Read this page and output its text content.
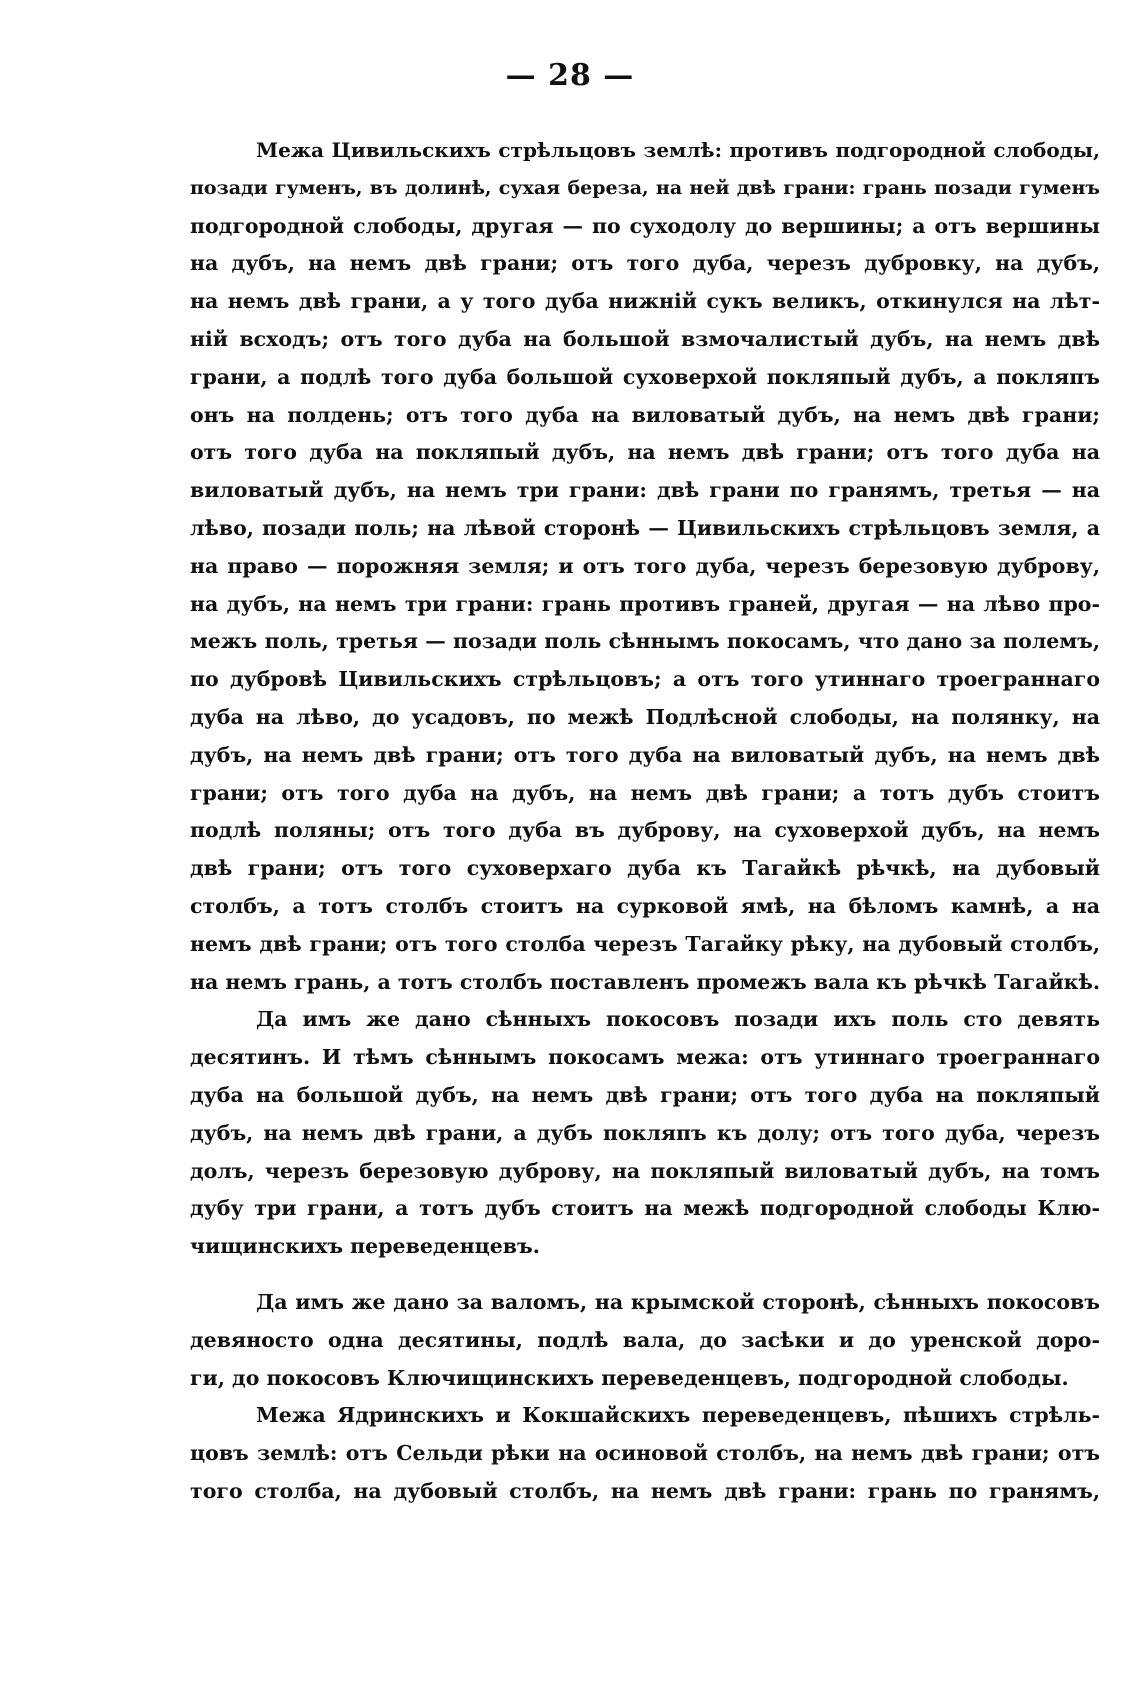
— 28 —
Межа Цивильскихъ стрѣльцовъ землѣ: противъ подгородной слободы,
позади гуменъ, въ долинѣ, сухая береза, на ней двѣ грани: грань позади гуменъ
подгородной слободы, другая — по суходолу до вершины; а отъ вершины
на дубъ, на немъ двѣ грани; отъ того дуба, черезъ дубровку, на дубъ,
на немъ двѣ грани, а у того дуба нижній сукъ великъ, откинулся на лѣт-
ній всходъ; отъ того дуба на большой взмочалистый дубъ, на немъ двѣ
грани, а подлѣ того дуба большой суховерхой покляпый дубъ, а покляпъ
онъ на полдень; отъ того дуба на виловатый дубъ, на немъ двѣ грани;
отъ того дуба на покляпый дубъ, на немъ двѣ грани; отъ того дуба на
виловатый дубъ, на немъ три грани: двѣ грани по гранямъ, третья — на
лѣво, позади поль; на лѣвой сторонѣ — Цивильскихъ стрѣльцовъ земля, а
на право — порожняя земля; и отъ того дуба, черезъ березовую дуброву,
на дубъ, на немъ три грани: грань противъ граней, другая — на лѣво про-
межъ поль, третья — позади поль сѣннымъ покосамъ, что дано за полемъ,
по дубровѣ Цивильскихъ стрѣльцовъ; а отъ того утиннаго троеграннаго
дуба на лѣво, до усадовъ, по межѣ Подлѣсной слободы, на полянку, на
дубъ, на немъ двѣ грани; отъ того дуба на виловатый дубъ, на немъ двѣ
грани; отъ того дуба на дубъ, на немъ двѣ грани; а тотъ дубъ стоитъ
подлѣ поляны; отъ того дуба въ дуброву, на суховерхой дубъ, на немъ
двѣ грани; отъ того суховерхаго дуба къ Тагайкѣ рѣчкѣ, на дубовый
столбъ, а тотъ столбъ стоитъ на сурковой ямѣ, на бѣломъ камнѣ, а на
немъ двѣ грани; отъ того столба черезъ Тагайку рѣку, на дубовый столбъ,
на немъ грань, а тотъ столбъ поставленъ промежъ вала къ рѣчкѣ Тагайкѣ.
Да имъ же дано сѣнныхъ покосовъ позади ихъ поль сто девять
десятинъ. И тѣмъ сѣннымъ покосамъ межа: отъ утиннаго троеграннаго
дуба на большой дубъ, на немъ двѣ грани; отъ того дуба на покляпый
дубъ, на немъ двѣ грани, а дубъ покляпъ къ долу; отъ того дуба, черезъ
долъ, черезъ березовую дуброву, на покляпый виловатый дубъ, на томъ
дубу три грани, а тотъ дубъ стоитъ на межѣ подгородной слободы Клю-
чищинскихъ переведенцевъ.
Да имъ же дано за валомъ, на крымской сторонѣ, сѣнныхъ покосовъ
девяносто одна десятины, подлѣ вала, до засѣки и до уренской доро-
ги, до покосовъ Ключищинскихъ переведенцевъ, подгородной слободы.
Межа Ядринскихъ и Кокшайскихъ переведенцевъ, пѣшихъ стрѣль-
цовъ землѣ: отъ Сельди рѣки на осиновой столбъ, на немъ двѣ грани; отъ
того столба, на дубовый столбъ, на немъ двѣ грани: грань по гранямъ,
